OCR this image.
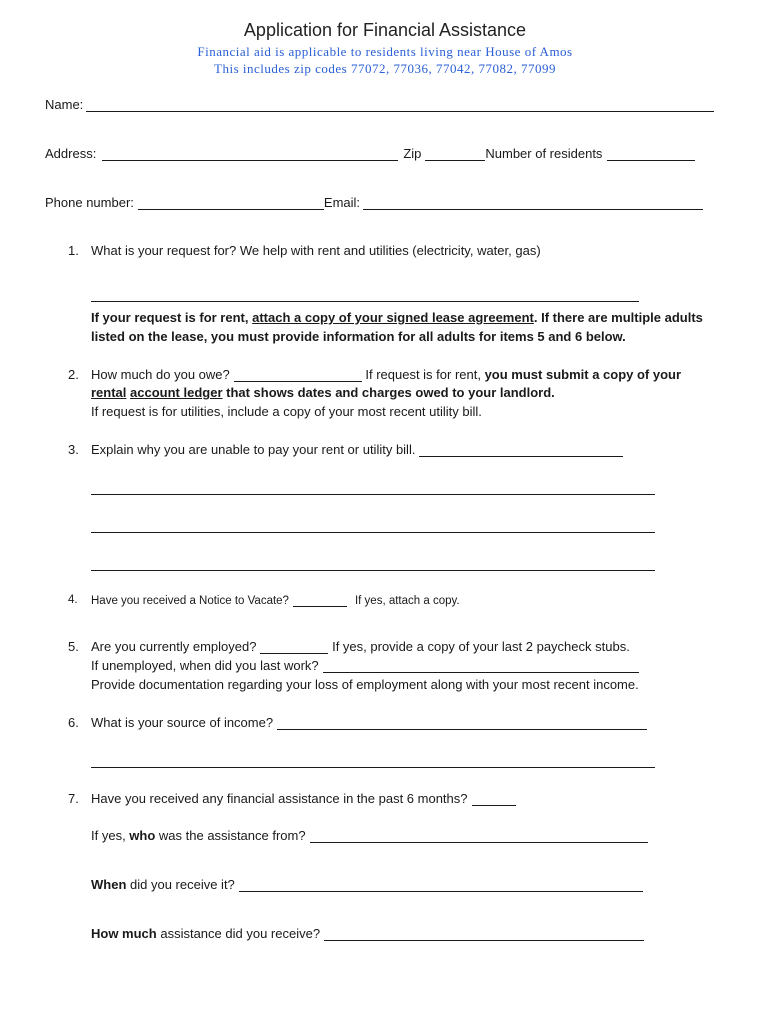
Application for Financial Assistance
Financial aid is applicable to residents living near House of Amos
This includes zip codes 77072, 77036, 77042, 77082, 77099
Name:
Address:	Zip	Number of residents
Phone number:	Email:
1. What is your request for? We help with rent and utilities (electricity, water, gas)
If your request is for rent, attach a copy of your signed lease agreement. If there are multiple adults
listed on the lease, you must provide information for all adults for items 5 and 6 below.
2. How much do you owe?	If request is for rent, you must submit a copy of your
rental account ledger that shows dates and charges owed to your landlord.
If request is for utilities, include a copy of your most recent utility bill.
3. Explain why you are unable to pay your rent or utility bill.
4. Have you received a Notice to Vacate?	If yes, attach a copy.
5. Are you currently employed?	If yes, provide a copy of your last 2 paycheck stubs.
If unemployed, when did you last work?
Provide documentation regarding your loss of employment along with your most recent income.
6. What is your source of income?
7. Have you received any financial assistance in the past 6 months?
If yes, who was the assistance from?
When did you receive it?
How much assistance did you receive?
